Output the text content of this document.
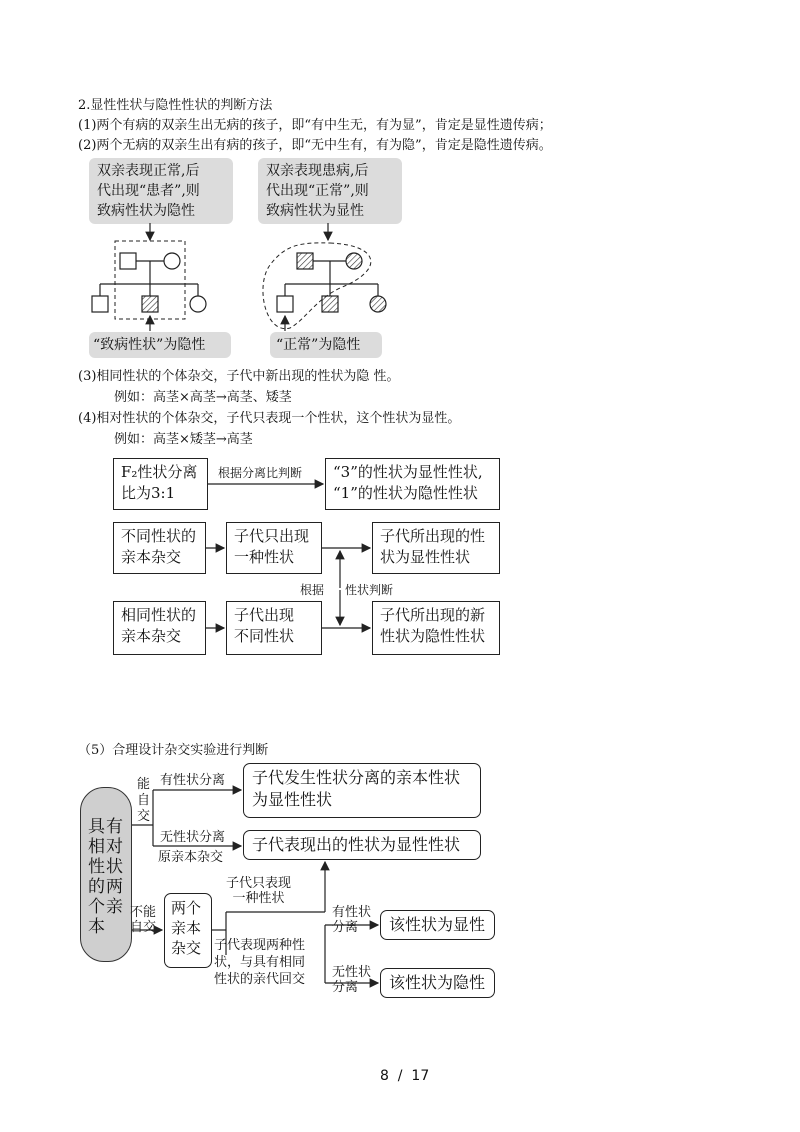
2.显性性状与隐性性状的判断方法
(1)两个有病的双亲生出无病的孩子，即“有中生无，有为显”，肯定是显性遗传病；
(2)两个无病的双亲生出有病的孩子，即“无中生有，有为隐”，肯定是隐性遗传病。
双亲表现正常,后
代出现“患者”,则
致病性状为隐性
双亲表现患病,后
代出现“正常”,则
致病性状为显性
“致病性状”为隐性	“正常”为隐性
(3)相同性状的个体杂交，子代中新出现的性状为隐 性。
例如：高茎×高茎→高茎、矮茎
(4)相对性状的个体杂交，子代只表现一个性状，这个性状为显性。
例如：高茎×矮茎→高茎
F₂性状分离
比为3:1
根据分离比判断	“3”的性状为显性性状,
“1”的性状为隐性性状
不同性状的
亲本杂交
子代只出现
一种性状
子代所出现的性
状为显性性状
根据 性状判断
相同性状的
亲本杂交
子代出现
不同性状
子代所出现的新
性状为隐性性状
（5）合理设计杂交实验进行判断
具有
相对
性状
的两
个亲
本
能
自
交
有性状分离	子代发生性状分离的亲本性状
为显性性状
无性状分离
原亲本杂交
子代表现出的性状为显性性状
不能
自交
两个
亲本
杂交
子代只表现
一种性状
子代表现两种性
状，与具有相同
性状的亲代回交
有性状
分离	该性状为显性
无性状
分离	该性状为隐性
8  /  17
